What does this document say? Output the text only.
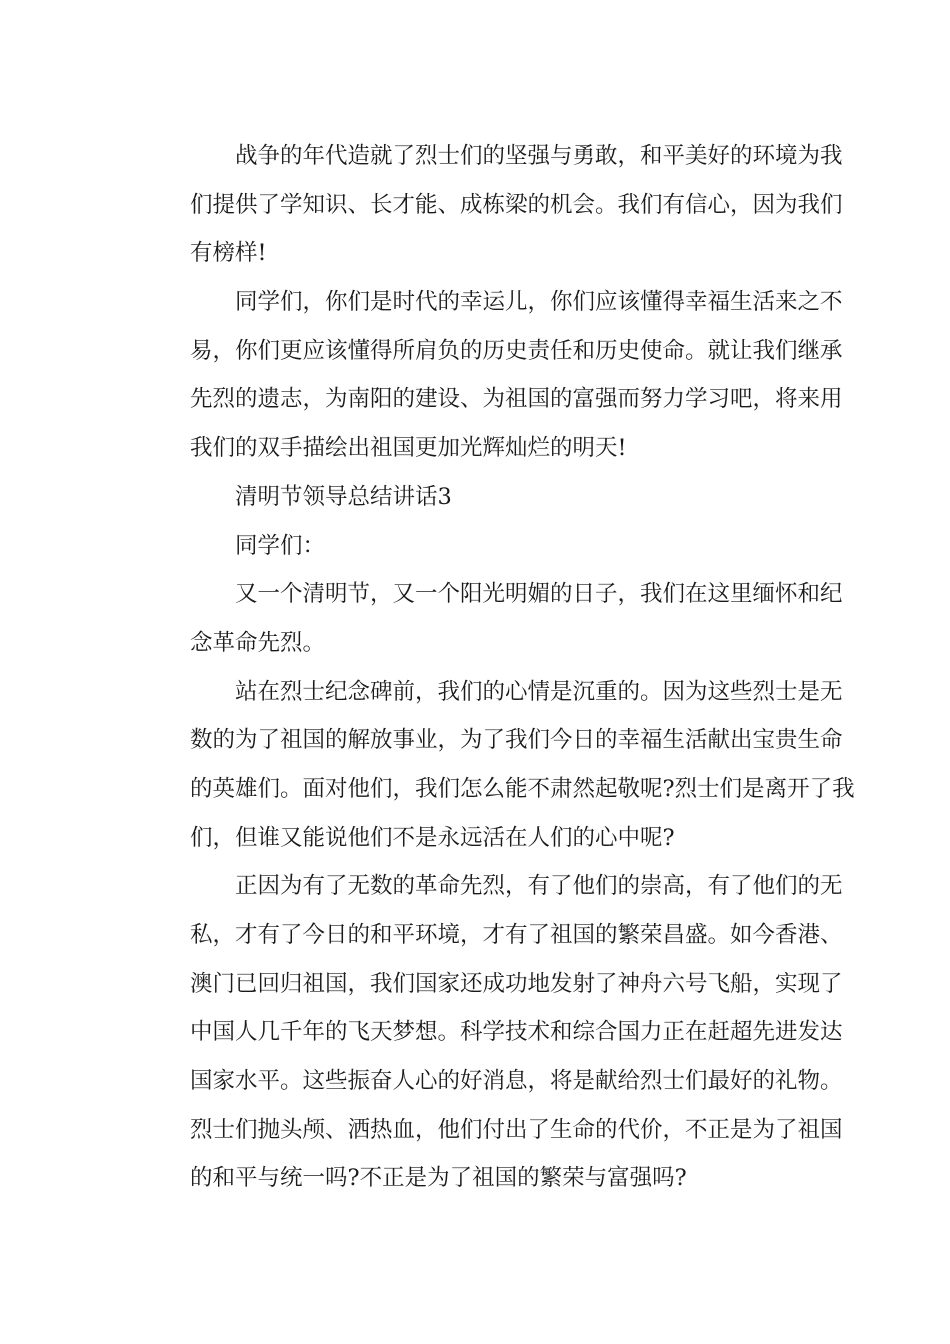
战争的年代造就了烈士们的坚强与勇敢，和平美好的环境为我
们提供了学知识、长才能、成栋梁的机会。我们有信心，因为我们
有榜样!
同学们，你们是时代的幸运儿，你们应该懂得幸福生活来之不
易，你们更应该懂得所肩负的历史责任和历史使命。就让我们继承
先烈的遗志，为南阳的建设、为祖国的富强而努力学习吧，将来用
我们的双手描绘出祖国更加光辉灿烂的明天!
清明节领导总结讲话3
同学们：
又一个清明节，又一个阳光明媚的日子，我们在这里缅怀和纪
念革命先烈。
站在烈士纪念碑前，我们的心情是沉重的。因为这些烈士是无
数的为了祖国的解放事业，为了我们今日的幸福生活献出宝贵生命
的英雄们。面对他们，我们怎么能不肃然起敬呢?烈士们是离开了我
们，但谁又能说他们不是永远活在人们的心中呢?
正因为有了无数的革命先烈，有了他们的崇高，有了他们的无
私，才有了今日的和平环境，才有了祖国的繁荣昌盛。如今香港、
澳门已回归祖国，我们国家还成功地发射了神舟六号飞船，实现了
中国人几千年的飞天梦想。科学技术和综合国力正在赶超先进发达
国家水平。这些振奋人心的好消息，将是献给烈士们最好的礼物。
烈士们抛头颅、洒热血，他们付出了生命的代价，不正是为了祖国
的和平与统一吗?不正是为了祖国的繁荣与富强吗?
